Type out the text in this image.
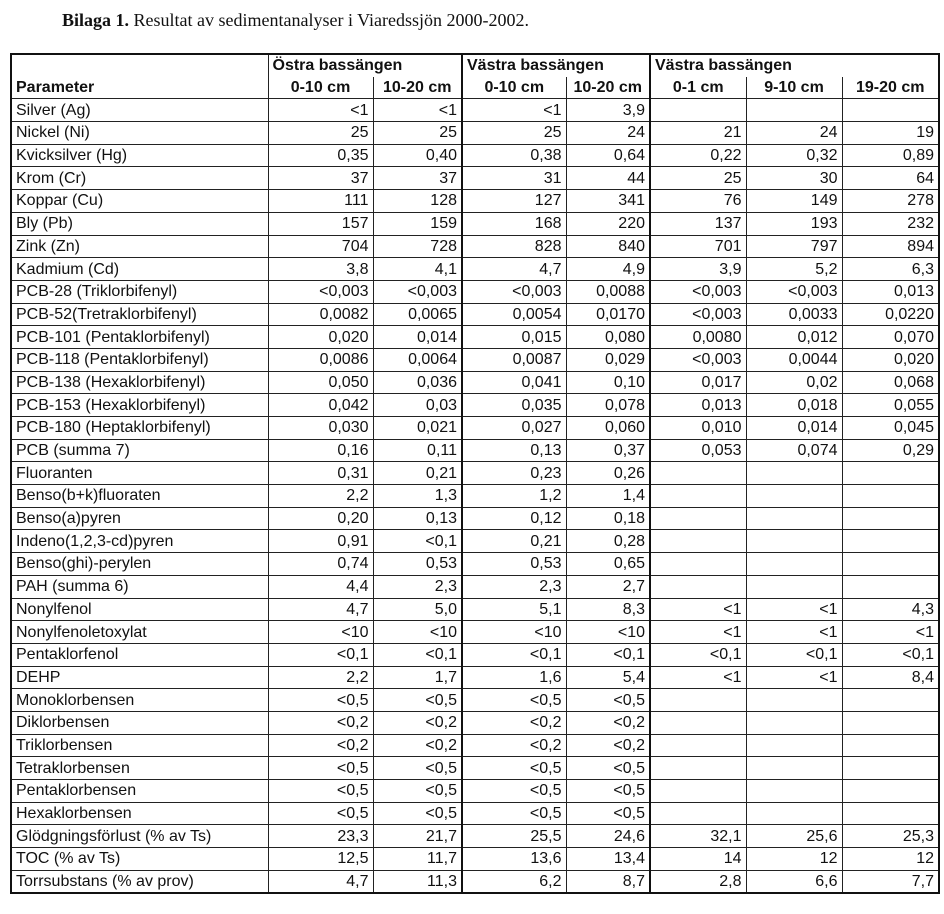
Bilaga 1. Resultat av sedimentanalyser i Viaredssjön 2000-2002.
	Östra bassängen		Västra bassängen		Västra bassängen		
Parameter	0-10 cm	10-20 cm	0-10 cm	10-20 cm	0-1 cm	9-10 cm	19-20 cm
Silver (Ag)	<1	<1	<1	3,9			
Nickel (Ni)	25	25	25	24	21	24	19
Kvicksilver (Hg)	0,35	0,40	0,38	0,64	0,22	0,32	0,89
Krom (Cr)	37	37	31	44	25	30	64
Koppar (Cu)	111	128	127	341	76	149	278
Bly (Pb)	157	159	168	220	137	193	232
Zink (Zn)	704	728	828	840	701	797	894
Kadmium (Cd)	3,8	4,1	4,7	4,9	3,9	5,2	6,3
PCB-28 (Triklorbifenyl)	<0,003	<0,003	<0,003	0,0088	<0,003	<0,003	0,013
PCB-52(Tretraklorbifenyl)	0,0082	0,0065	0,0054	0,0170	<0,003	0,0033	0,0220
PCB-101 (Pentaklorbifenyl)	0,020	0,014	0,015	0,080	0,0080	0,012	0,070
PCB-118 (Pentaklorbifenyl)	0,0086	0,0064	0,0087	0,029	<0,003	0,0044	0,020
PCB-138 (Hexaklorbifenyl)	0,050	0,036	0,041	0,10	0,017	0,02	0,068
PCB-153 (Hexaklorbifenyl)	0,042	0,03	0,035	0,078	0,013	0,018	0,055
PCB-180 (Heptaklorbifenyl)	0,030	0,021	0,027	0,060	0,010	0,014	0,045
PCB (summa 7)	0,16	0,11	0,13	0,37	0,053	0,074	0,29
Fluoranten	0,31	0,21	0,23	0,26			
Benso(b+k)fluoraten	2,2	1,3	1,2	1,4			
Benso(a)pyren	0,20	0,13	0,12	0,18			
Indeno(1,2,3-cd)pyren	0,91	<0,1	0,21	0,28			
Benso(ghi)-perylen	0,74	0,53	0,53	0,65			
PAH (summa 6)	4,4	2,3	2,3	2,7			
Nonylfenol	4,7	5,0	5,1	8,3	<1	<1	4,3
Nonylfenoletoxylat	<10	<10	<10	<10	<1	<1	<1
Pentaklorfenol	<0,1	<0,1	<0,1	<0,1	<0,1	<0,1	<0,1
DEHP	2,2	1,7	1,6	5,4	<1	<1	8,4
Monoklorbensen	<0,5	<0,5	<0,5	<0,5			
Diklorbensen	<0,2	<0,2	<0,2	<0,2			
Triklorbensen	<0,2	<0,2	<0,2	<0,2			
Tetraklorbensen	<0,5	<0,5	<0,5	<0,5			
Pentaklorbensen	<0,5	<0,5	<0,5	<0,5			
Hexaklorbensen	<0,5	<0,5	<0,5	<0,5			
Glödgningsförlust (% av Ts)	23,3	21,7	25,5	24,6	32,1	25,6	25,3
TOC (% av Ts)	12,5	11,7	13,6	13,4	14	12	12
Torrsubstans (% av prov)	4,7	11,3	6,2	8,7	2,8	6,6	7,7
